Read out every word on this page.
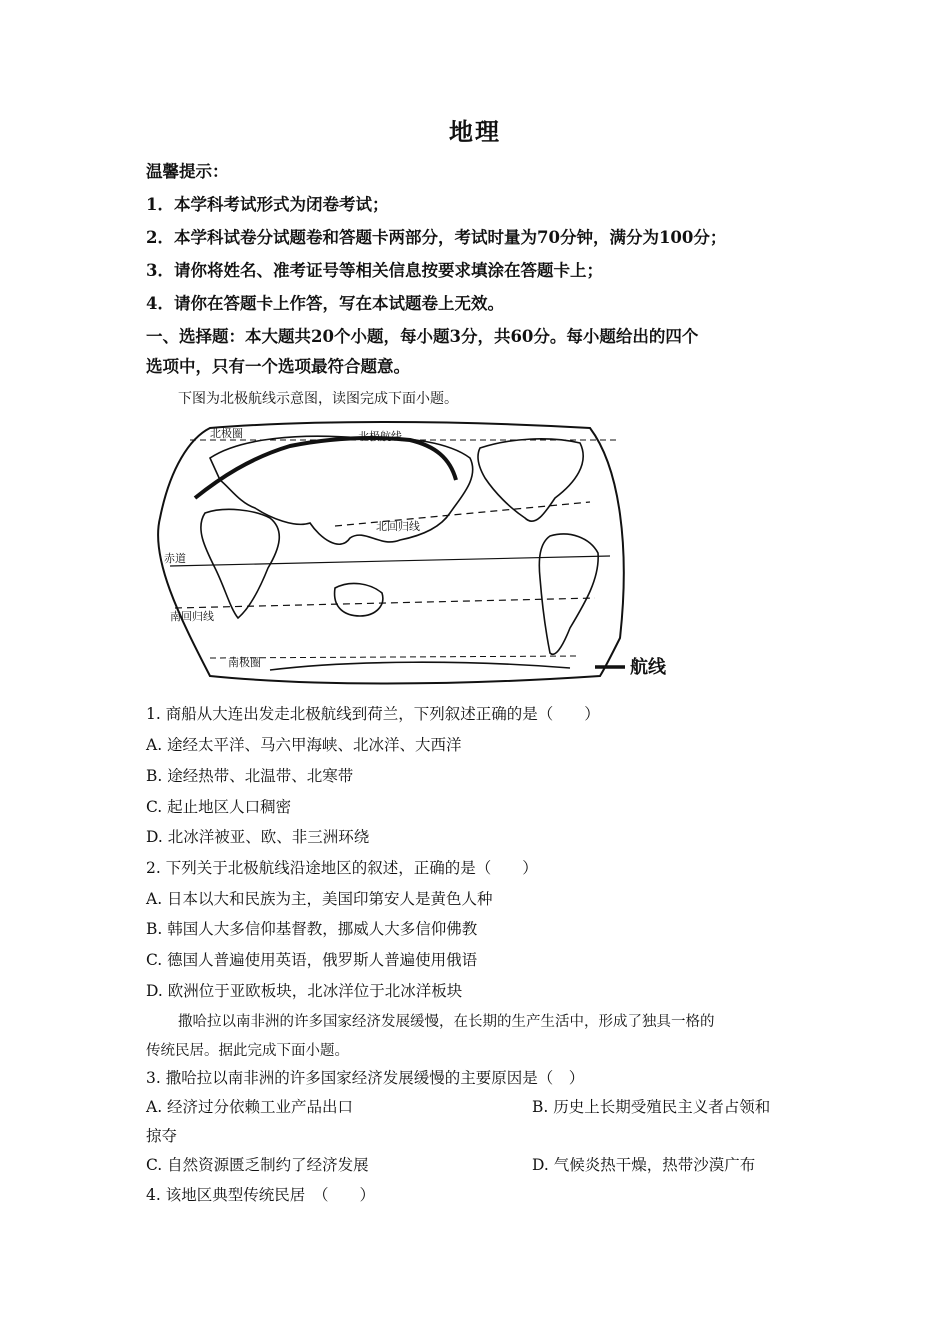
地理
温馨提示：
1．本学科考试形式为闭卷考试；
2．本学科试卷分试题卷和答题卡两部分，考试时量为70分钟，满分为100分；
3．请你将姓名、准考证号等相关信息按要求填涂在答题卡上；
4．请你在答题卡上作答，写在本试题卷上无效。
一、选择题：本大题共20个小题，每小题3分，共60分。每小题给出的四个
选项中，只有一个选项最符合题意。
下图为北极航线示意图，读图完成下面小题。
北极圈	北极航线
北回归线
赤道
南回归线
南极圈	航线
1. 商船从大连出发走北极航线到荷兰，下列叙述正确的是（　　）
A. 途经太平洋、马六甲海峡、北冰洋、大西洋
B. 途经热带、北温带、北寒带
C. 起止地区人口稠密
D. 北冰洋被亚、欧、非三洲环绕
2. 下列关于北极航线沿途地区的叙述，正确的是（　　）
A. 日本以大和民族为主，美国印第安人是黄色人种
B. 韩国人大多信仰基督教，挪威人大多信仰佛教
C. 德国人普遍使用英语，俄罗斯人普遍使用俄语
D. 欧洲位于亚欧板块，北冰洋位于北冰洋板块
撒哈拉以南非洲的许多国家经济发展缓慢，在长期的生产生活中，形成了独具一格的
传统民居。据此完成下面小题。
3. 撒哈拉以南非洲的许多国家经济发展缓慢的主要原因是（　）
A. 经济过分依赖工业产品出口	B. 历史上长期受殖民主义者占领和
掠夺
C. 自然资源匮乏制约了经济发展	D. 气候炎热干燥，热带沙漠广布
4. 该地区典型传统民居　（　　）
